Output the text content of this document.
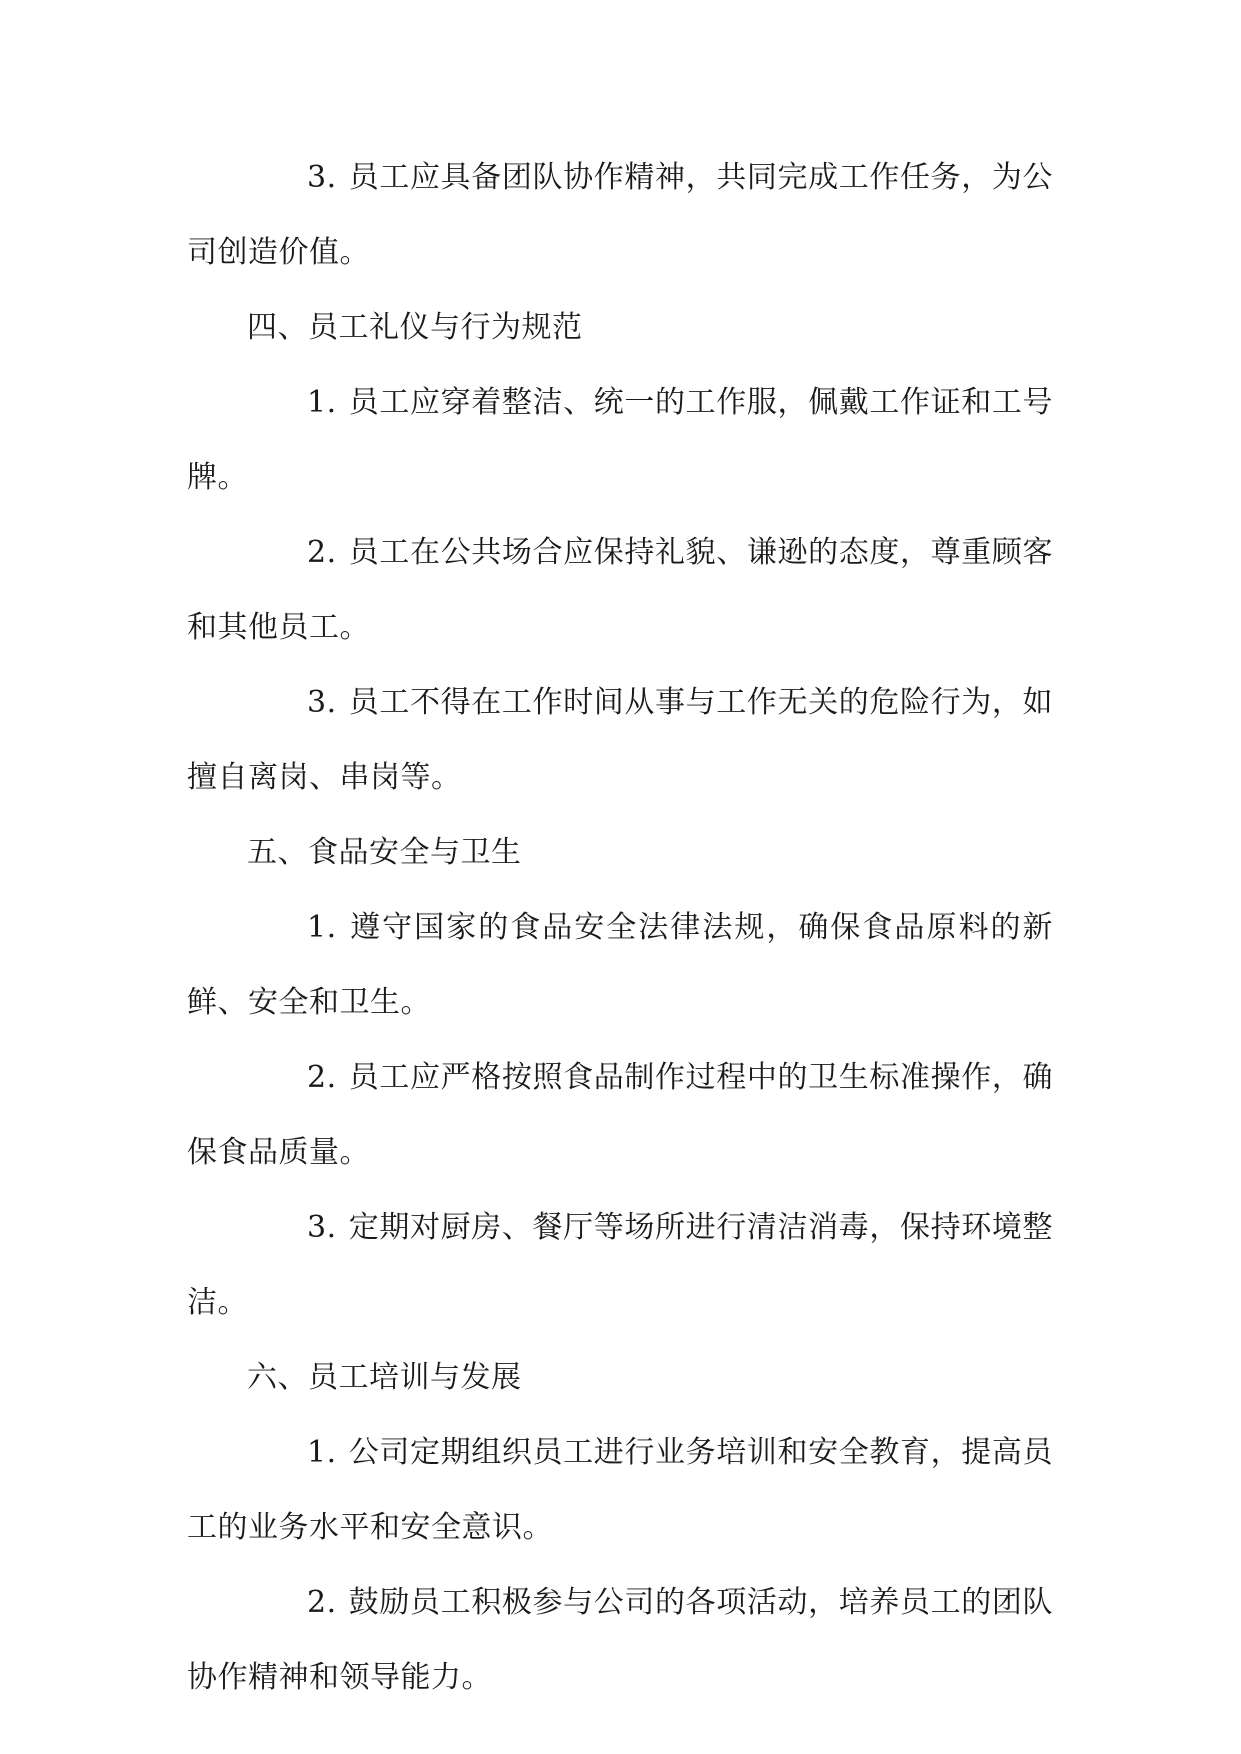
3. 员工应具备团队协作精神，共同完成工作任务，为公司创造价值。

四、员工礼仪与行为规范

1. 员工应穿着整洁、统一的工作服，佩戴工作证和工号牌。

2. 员工在公共场合应保持礼貌、谦逊的态度，尊重顾客和其他员工。

3. 员工不得在工作时间从事与工作无关的危险行为，如擅自离岗、串岗等。

五、食品安全与卫生

1. 遵守国家的食品安全法律法规，确保食品原料的新鲜、安全和卫生。

2. 员工应严格按照食品制作过程中的卫生标准操作，确保食品质量。

3. 定期对厨房、餐厅等场所进行清洁消毒，保持环境整洁。

六、员工培训与发展

1. 公司定期组织员工进行业务培训和安全教育，提高员工的业务水平和安全意识。

2. 鼓励员工积极参与公司的各项活动，培养员工的团队协作精神和领导能力。
